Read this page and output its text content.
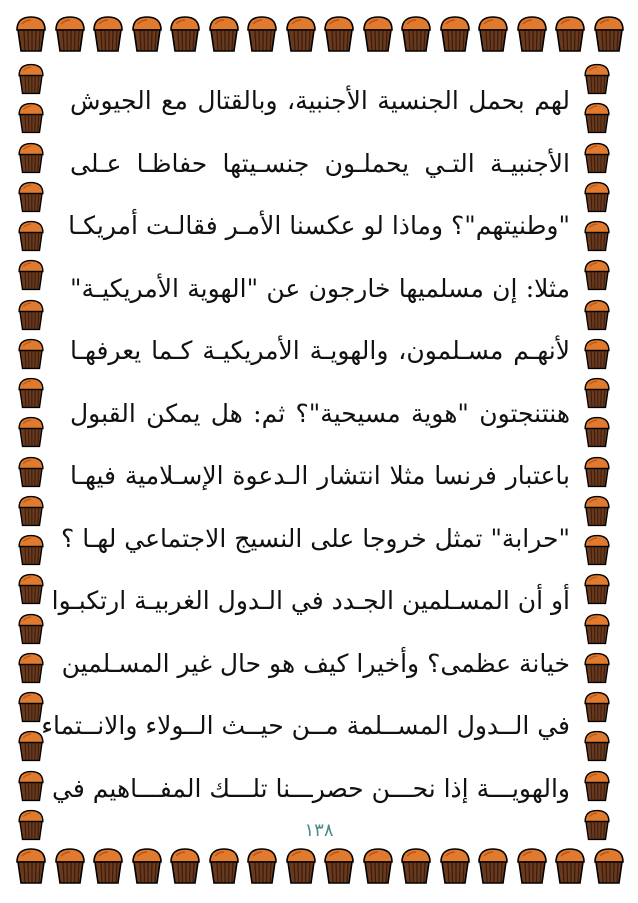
لهم بحمل الجنسية الأجنبية، وبالقتال مع الجيوش
الأجنبيـة التـي يحملـون جنسـيتها حفاظـا عـلى
"وطنيتهم"؟ وماذا لو عكسنا الأمـر فقالـت أمريكـا
مثلا: إن مسلميها خارجون عن "الهوية الأمريكيـة"
لأنهـم مسـلمون، والهويـة الأمريكيـة كـما يعرفهـا
هنتنجتون "هوية مسيحية"؟ ثم: هل يمكن القبول
باعتبار فرنسا مثلا انتشار الـدعوة الإسـلامية فيهـا
"حرابة" تمثل خروجا على النسيج الاجتماعي لهـا ؟
أو أن المسـلمين الجـدد في الـدول الغربيـة ارتكبـوا
خيانة عظمى؟ وأخيرا كيف هو حال غير المسـلمين
في الــدول المســلمة مــن حيــث الــولاء والانــتماء
والهويـــة إذا نحـــن حصرـــنا تلـــك المفـــاهيم في
١٣٨
